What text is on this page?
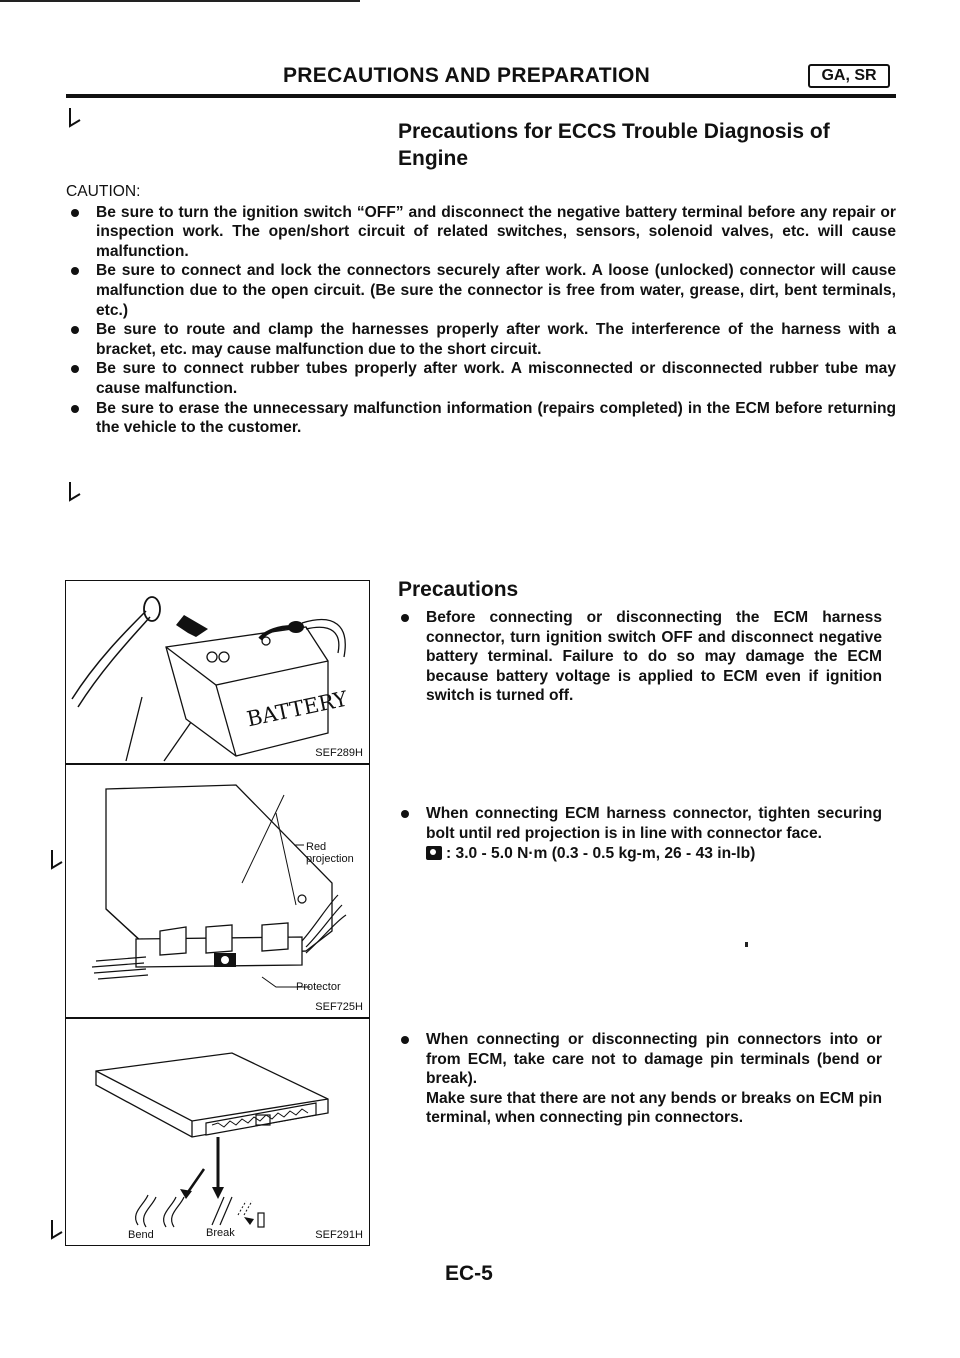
PRECAUTIONS AND PREPARATION	GA, SR
Precautions for ECCS Trouble Diagnosis of
Engine
CAUTION:
Be sure to turn the ignition switch “OFF” and disconnect the negative battery terminal before any repair or inspection work. The open/short circuit of related switches, sensors, solenoid valves, etc. will cause malfunction.
Be sure to connect and lock the connectors securely after work. A loose (unlocked) connector will cause malfunction due to the open circuit. (Be sure the connector is free from water, grease, dirt, bent terminals, etc.)
Be sure to route and clamp the harnesses properly after work. The interference of the harness with a bracket, etc. may cause malfunction due to the short circuit.
Be sure to connect rubber tubes properly after work. A misconnected or disconnected rubber tube may cause malfunction.
Be sure to erase the unnecessary malfunction information (repairs completed) in the ECM before returning the vehicle to the customer.
BATTERY
SEF289H
Red
projection
Protector
SEF725H
Bend	Break	SEF291H
Precautions
Before connecting or disconnecting the ECM harness connector, turn ignition switch OFF and disconnect negative battery terminal. Failure to do so may damage the ECM because battery voltage is applied to ECM even if ignition switch is turned off.
When connecting ECM harness connector, tighten securing bolt until red projection is in line with connector face.
: 3.0 - 5.0 N·m (0.3 - 0.5 kg-m, 26 - 43 in-lb)
When connecting or disconnecting pin connectors into or from ECM, take care not to damage pin terminals (bend or break).
Make sure that there are not any bends or breaks on ECM pin terminal, when connecting pin connectors.
EC-5
